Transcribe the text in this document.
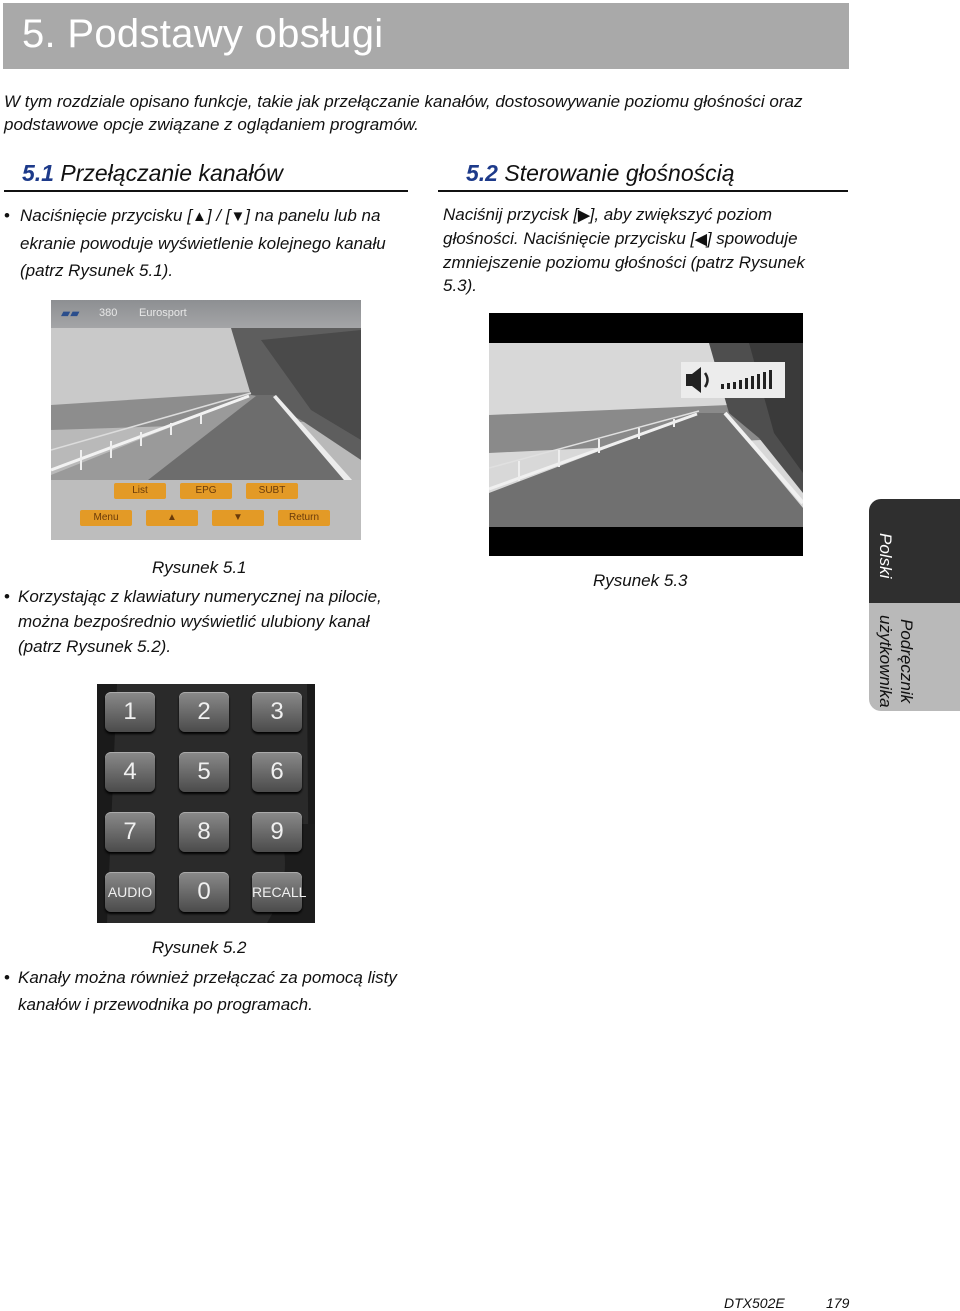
5. Podstawy obsługi
W tym rozdziale opisano funkcje, takie jak przełączanie kanałów, dostosowywanie poziomu głośności oraz podstawowe opcje związane z oglądaniem programów.
5.1 Przełączanie kanałów
• Naciśnięcie przycisku [▲] / [▼] na panelu lub na ekranie powoduje wyświetlenie kolejnego kanału (patrz Rysunek 5.1).
▰▰ 380 Eurosport
List	EPG	SUBT
Menu	▲	▼	Return
Rysunek 5.1
• Korzystając z klawiatury numerycznej na pilocie, można bezpośrednio wyświetlić ulubiony kanał (patrz Rysunek 5.2).
1	2	3
4	5	6
7	8	9
AUDIO	0	RECALL
Rysunek 5.2
• Kanały można również przełączać za pomocą listy kanałów i przewodnika po programach.
5.2 Sterowanie głośnością
Naciśnij przycisk [▶], aby zwiększyć poziom głośności. Naciśnięcie przycisku [◀] spowoduje zmniejszenie poziomu głośności (patrz Rysunek 5.3).
Rysunek 5.3
Polski
Podręcznik
użytkownika
DTX502E	179
